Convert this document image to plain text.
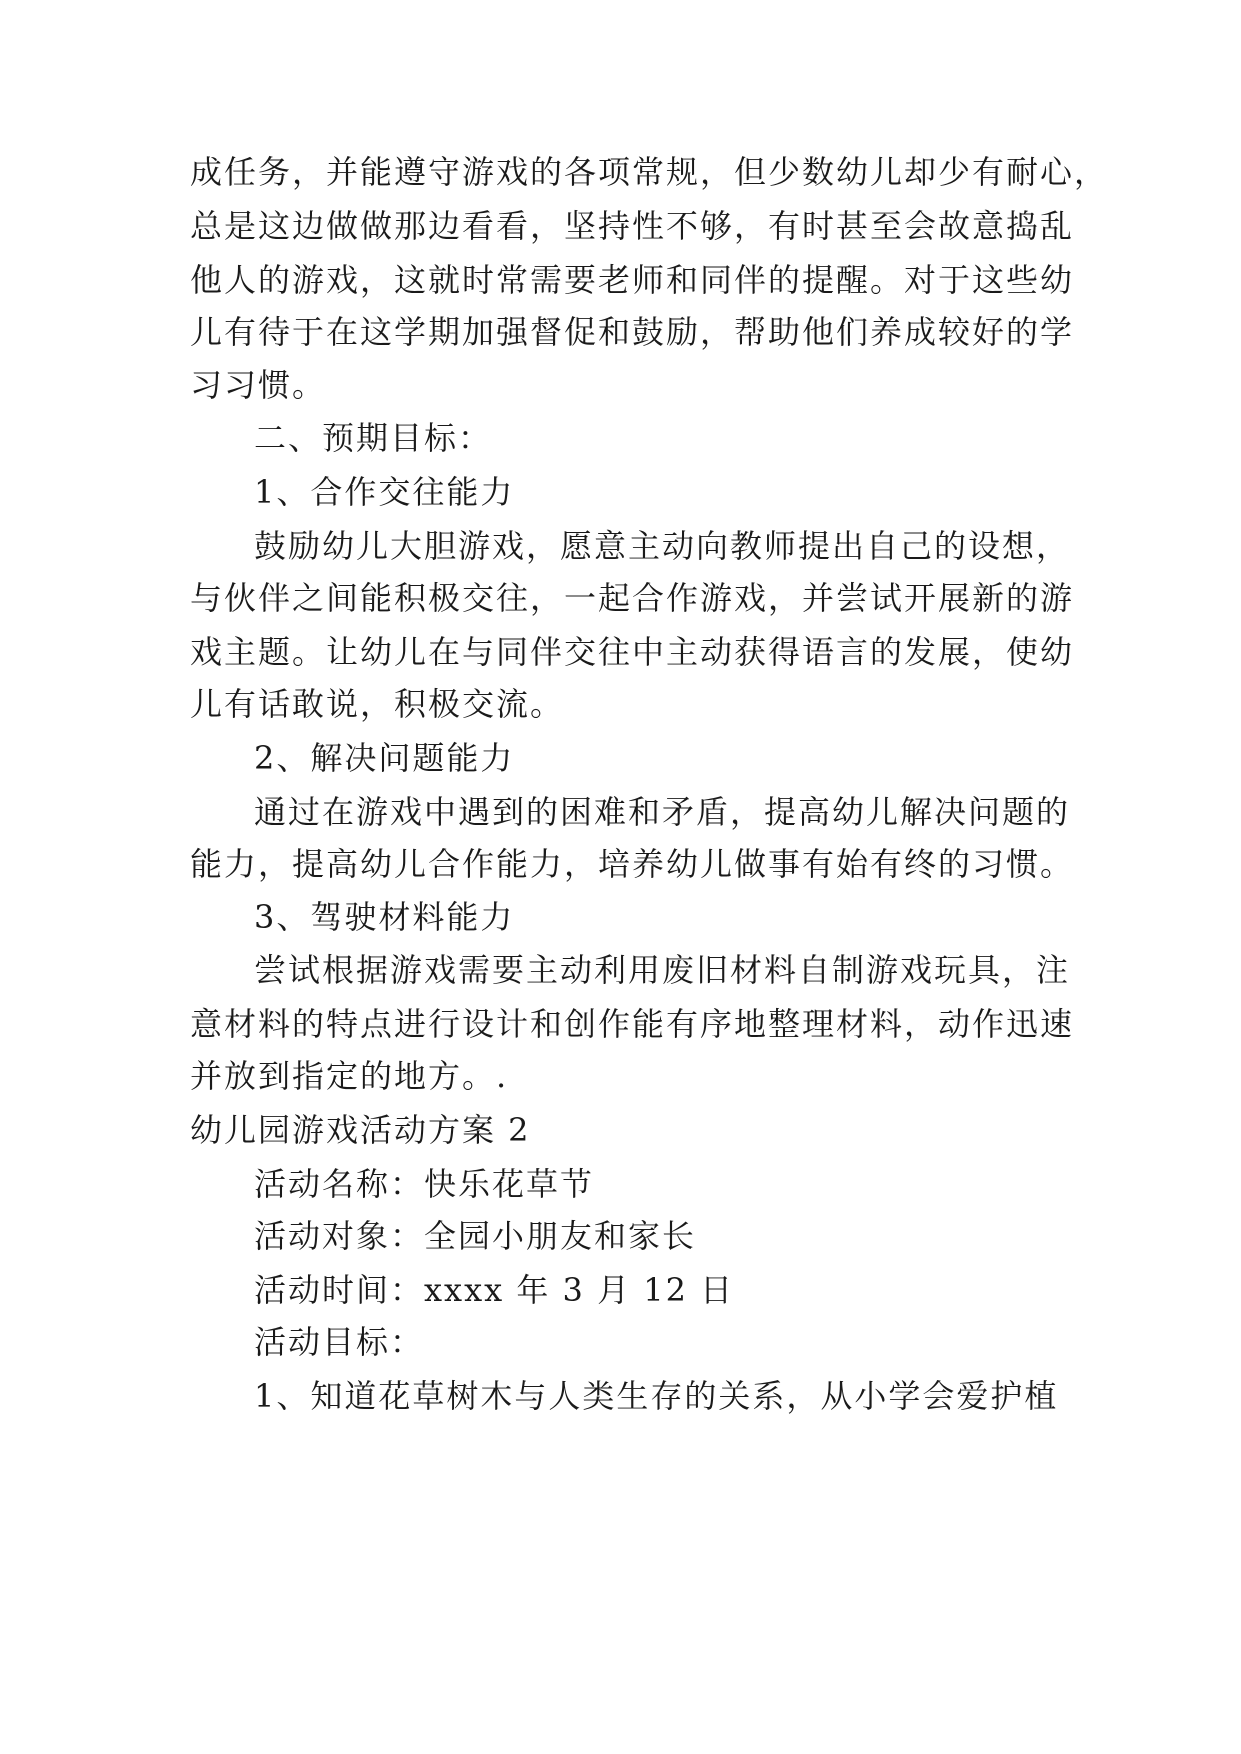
成任务，并能遵守游戏的各项常规，但少数幼儿却少有耐心，
总是这边做做那边看看，坚持性不够，有时甚至会故意捣乱
他人的游戏，这就时常需要老师和同伴的提醒。对于这些幼
儿有待于在这学期加强督促和鼓励，帮助他们养成较好的学
习习惯。
二、预期目标：
1、合作交往能力
鼓励幼儿大胆游戏，愿意主动向教师提出自己的设想，
与伙伴之间能积极交往，一起合作游戏，并尝试开展新的游
戏主题。让幼儿在与同伴交往中主动获得语言的发展，使幼
儿有话敢说，积极交流。
2、解决问题能力
通过在游戏中遇到的困难和矛盾，提高幼儿解决问题的
能力，提高幼儿合作能力，培养幼儿做事有始有终的习惯。
3、驾驶材料能力
尝试根据游戏需要主动利用废旧材料自制游戏玩具，注
意材料的特点进行设计和创作能有序地整理材料，动作迅速
并放到指定的地方。.
幼儿园游戏活动方案 2
活动名称：快乐花草节
活动对象：全园小朋友和家长
活动时间：xxxx 年 3 月 12 日
活动目标：
1、知道花草树木与人类生存的关系，从小学会爱护植
